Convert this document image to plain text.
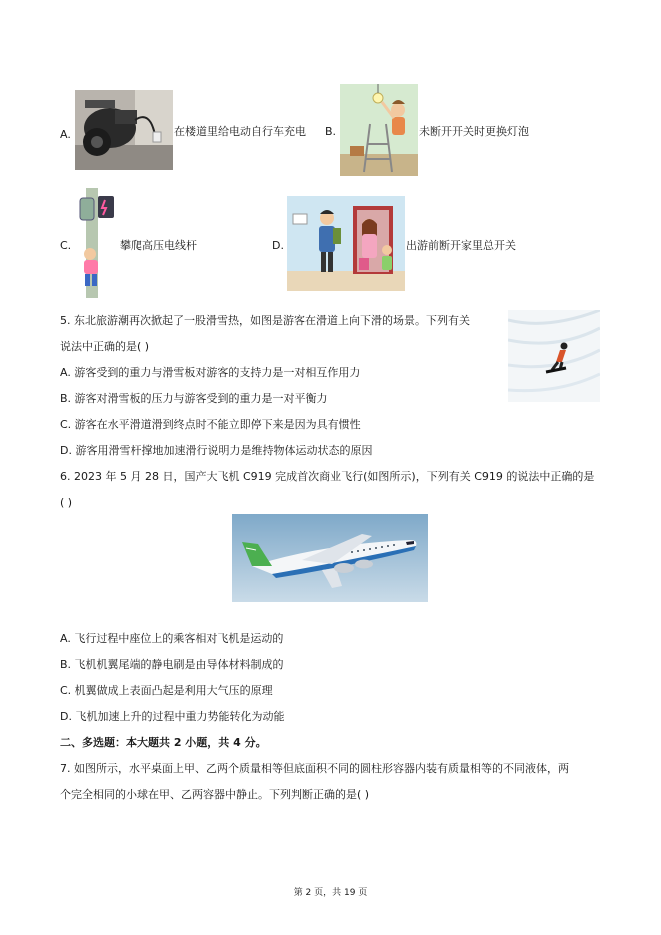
A.	在楼道里给电动自行车充电 B.
	未断开开关时更换灯泡
C.	攀爬高压电线杆	D.	出游前断开家里总开关
5. 东北旅游潮再次掀起了一股滑雪热，如图是游客在滑道上向下滑的场景。下列有关
说法中正确的是( )
A. 游客受到的重力与滑雪板对游客的支持力是一对相互作用力
B. 游客对滑雪板的压力与游客受到的重力是一对平衡力
C. 游客在水平滑道滑到终点时不能立即停下来是因为具有惯性
D. 游客用滑雪杆撑地加速滑行说明力是维持物体运动状态的原因
6. 2023 年 5 月 28 日，国产大飞机 C919 完成首次商业飞行(如图所示)，下列有关 C919 的说法中正确的是
( )
A. 飞行过程中座位上的乘客相对飞机是运动的
B. 飞机机翼尾端的静电刷是由导体材料制成的
C. 机翼做成上表面凸起是利用大气压的原理
D. 飞机加速上升的过程中重力势能转化为动能
二、多选题：本大题共 2 小题，共 4 分。
7. 如图所示，水平桌面上甲、乙两个质量相等但底面积不同的圆柱形容器内装有质量相等的不同液体，两
个完全相同的小球在甲、乙两容器中静止。下列判断正确的是( )
第 2 页，共 19 页
